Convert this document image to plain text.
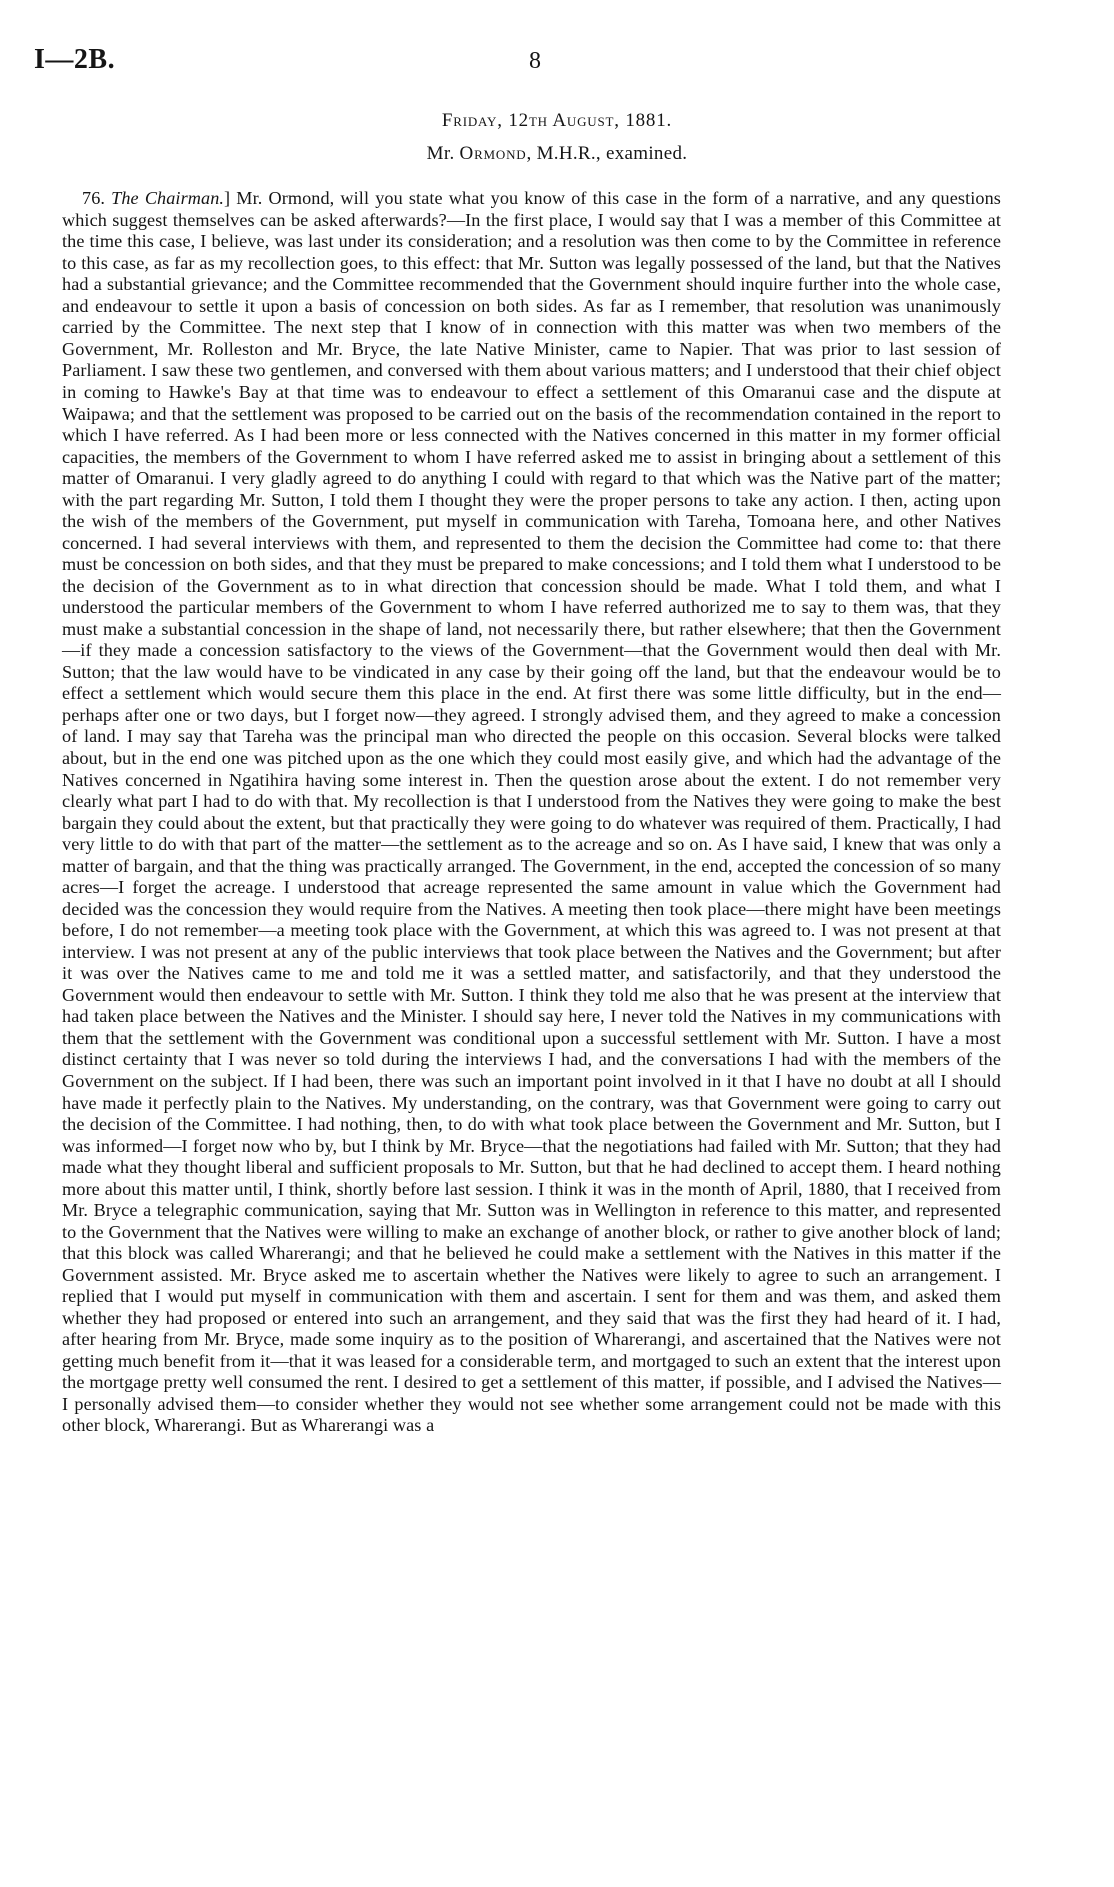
I—2B.	8
Friday, 12th August, 1881.
Mr. Ormond, M.H.R., examined.

76. The Chairman.] Mr. Ormond, will you state what you know of this case in the form of a narrative, and any questions which suggest themselves can be asked afterwards?—In the first place, I would say that I was a member of this Committee at the time this case, I believe, was last under its consideration; and a resolution was then come to by the Committee in reference to this case, as far as my recollection goes, to this effect: that Mr. Sutton was legally possessed of the land, but that the Natives had a substantial grievance; and the Committee recommended that the Government should inquire further into the whole case, and endeavour to settle it upon a basis of concession on both sides. As far as I remember, that resolution was unanimously carried by the Committee. The next step that I know of in connection with this matter was when two members of the Government, Mr. Rolleston and Mr. Bryce, the late Native Minister, came to Napier. That was prior to last session of Parliament. I saw these two gentlemen, and conversed with them about various matters; and I understood that their chief object in coming to Hawke's Bay at that time was to endeavour to effect a settlement of this Omaranui case and the dispute at Waipawa; and that the settlement was proposed to be carried out on the basis of the recommendation contained in the report to which I have referred. As I had been more or less connected with the Natives concerned in this matter in my former official capacities, the members of the Government to whom I have referred asked me to assist in bringing about a settlement of this matter of Omaranui. I very gladly agreed to do anything I could with regard to that which was the Native part of the matter; with the part regarding Mr. Sutton, I told them I thought they were the proper persons to take any action. I then, acting upon the wish of the members of the Government, put myself in communication with Tareha, Tomoana here, and other Natives concerned. I had several interviews with them, and represented to them the decision the Committee had come to: that there must be concession on both sides, and that they must be prepared to make concessions; and I told them what I understood to be the decision of the Government as to in what direction that concession should be made. What I told them, and what I understood the particular members of the Government to whom I have referred authorized me to say to them was, that they must make a substantial concession in the shape of land, not necessarily there, but rather elsewhere; that then the Government—if they made a concession satisfactory to the views of the Government—that the Government would then deal with Mr. Sutton; that the law would have to be vindicated in any case by their going off the land, but that the endeavour would be to effect a settlement which would secure them this place in the end. At first there was some little difficulty, but in the end—perhaps after one or two days, but I forget now—they agreed. I strongly advised them, and they agreed to make a concession of land. I may say that Tareha was the principal man who directed the people on this occasion. Several blocks were talked about, but in the end one was pitched upon as the one which they could most easily give, and which had the advantage of the Natives concerned in Ngatihira having some interest in. Then the question arose about the extent. I do not remember very clearly what part I had to do with that. My recollection is that I understood from the Natives they were going to make the best bargain they could about the extent, but that practically they were going to do whatever was required of them. Practically, I had very little to do with that part of the matter—the settlement as to the acreage and so on. As I have said, I knew that was only a matter of bargain, and that the thing was practically arranged. The Government, in the end, accepted the concession of so many acres—I forget the acreage. I understood that acreage represented the same amount in value which the Government had decided was the concession they would require from the Natives. A meeting then took place—there might have been meetings before, I do not remember—a meeting took place with the Government, at which this was agreed to. I was not present at that interview. I was not present at any of the public interviews that took place between the Natives and the Government; but after it was over the Natives came to me and told me it was a settled matter, and satisfactorily, and that they understood the Government would then endeavour to settle with Mr. Sutton. I think they told me also that he was present at the interview that had taken place between the Natives and the Minister. I should say here, I never told the Natives in my communications with them that the settlement with the Government was conditional upon a successful settlement with Mr. Sutton. I have a most distinct certainty that I was never so told during the interviews I had, and the conversations I had with the members of the Government on the subject. If I had been, there was such an important point involved in it that I have no doubt at all I should have made it perfectly plain to the Natives. My understanding, on the contrary, was that Government were going to carry out the decision of the Committee. I had nothing, then, to do with what took place between the Government and Mr. Sutton, but I was informed—I forget now who by, but I think by Mr. Bryce—that the negotiations had failed with Mr. Sutton; that they had made what they thought liberal and sufficient proposals to Mr. Sutton, but that he had declined to accept them. I heard nothing more about this matter until, I think, shortly before last session. I think it was in the month of April, 1880, that I received from Mr. Bryce a telegraphic communication, saying that Mr. Sutton was in Wellington in reference to this matter, and represented to the Government that the Natives were willing to make an exchange of another block, or rather to give another block of land; that this block was called Wharerangi; and that he believed he could make a settlement with the Natives in this matter if the Government assisted. Mr. Bryce asked me to ascertain whether the Natives were likely to agree to such an arrangement. I replied that I would put myself in communication with them and ascertain. I sent for them and was them, and asked them whether they had proposed or entered into such an arrangement, and they said that was the first they had heard of it. I had, after hearing from Mr. Bryce, made some inquiry as to the position of Wharerangi, and ascertained that the Natives were not getting much benefit from it—that it was leased for a considerable term, and mortgaged to such an extent that the interest upon the mortgage pretty well consumed the rent. I desired to get a settlement of this matter, if possible, and I advised the Natives—I personally advised them—to consider whether they would not see whether some arrangement could not be made with this other block, Wharerangi. But as Wharerangi was a
